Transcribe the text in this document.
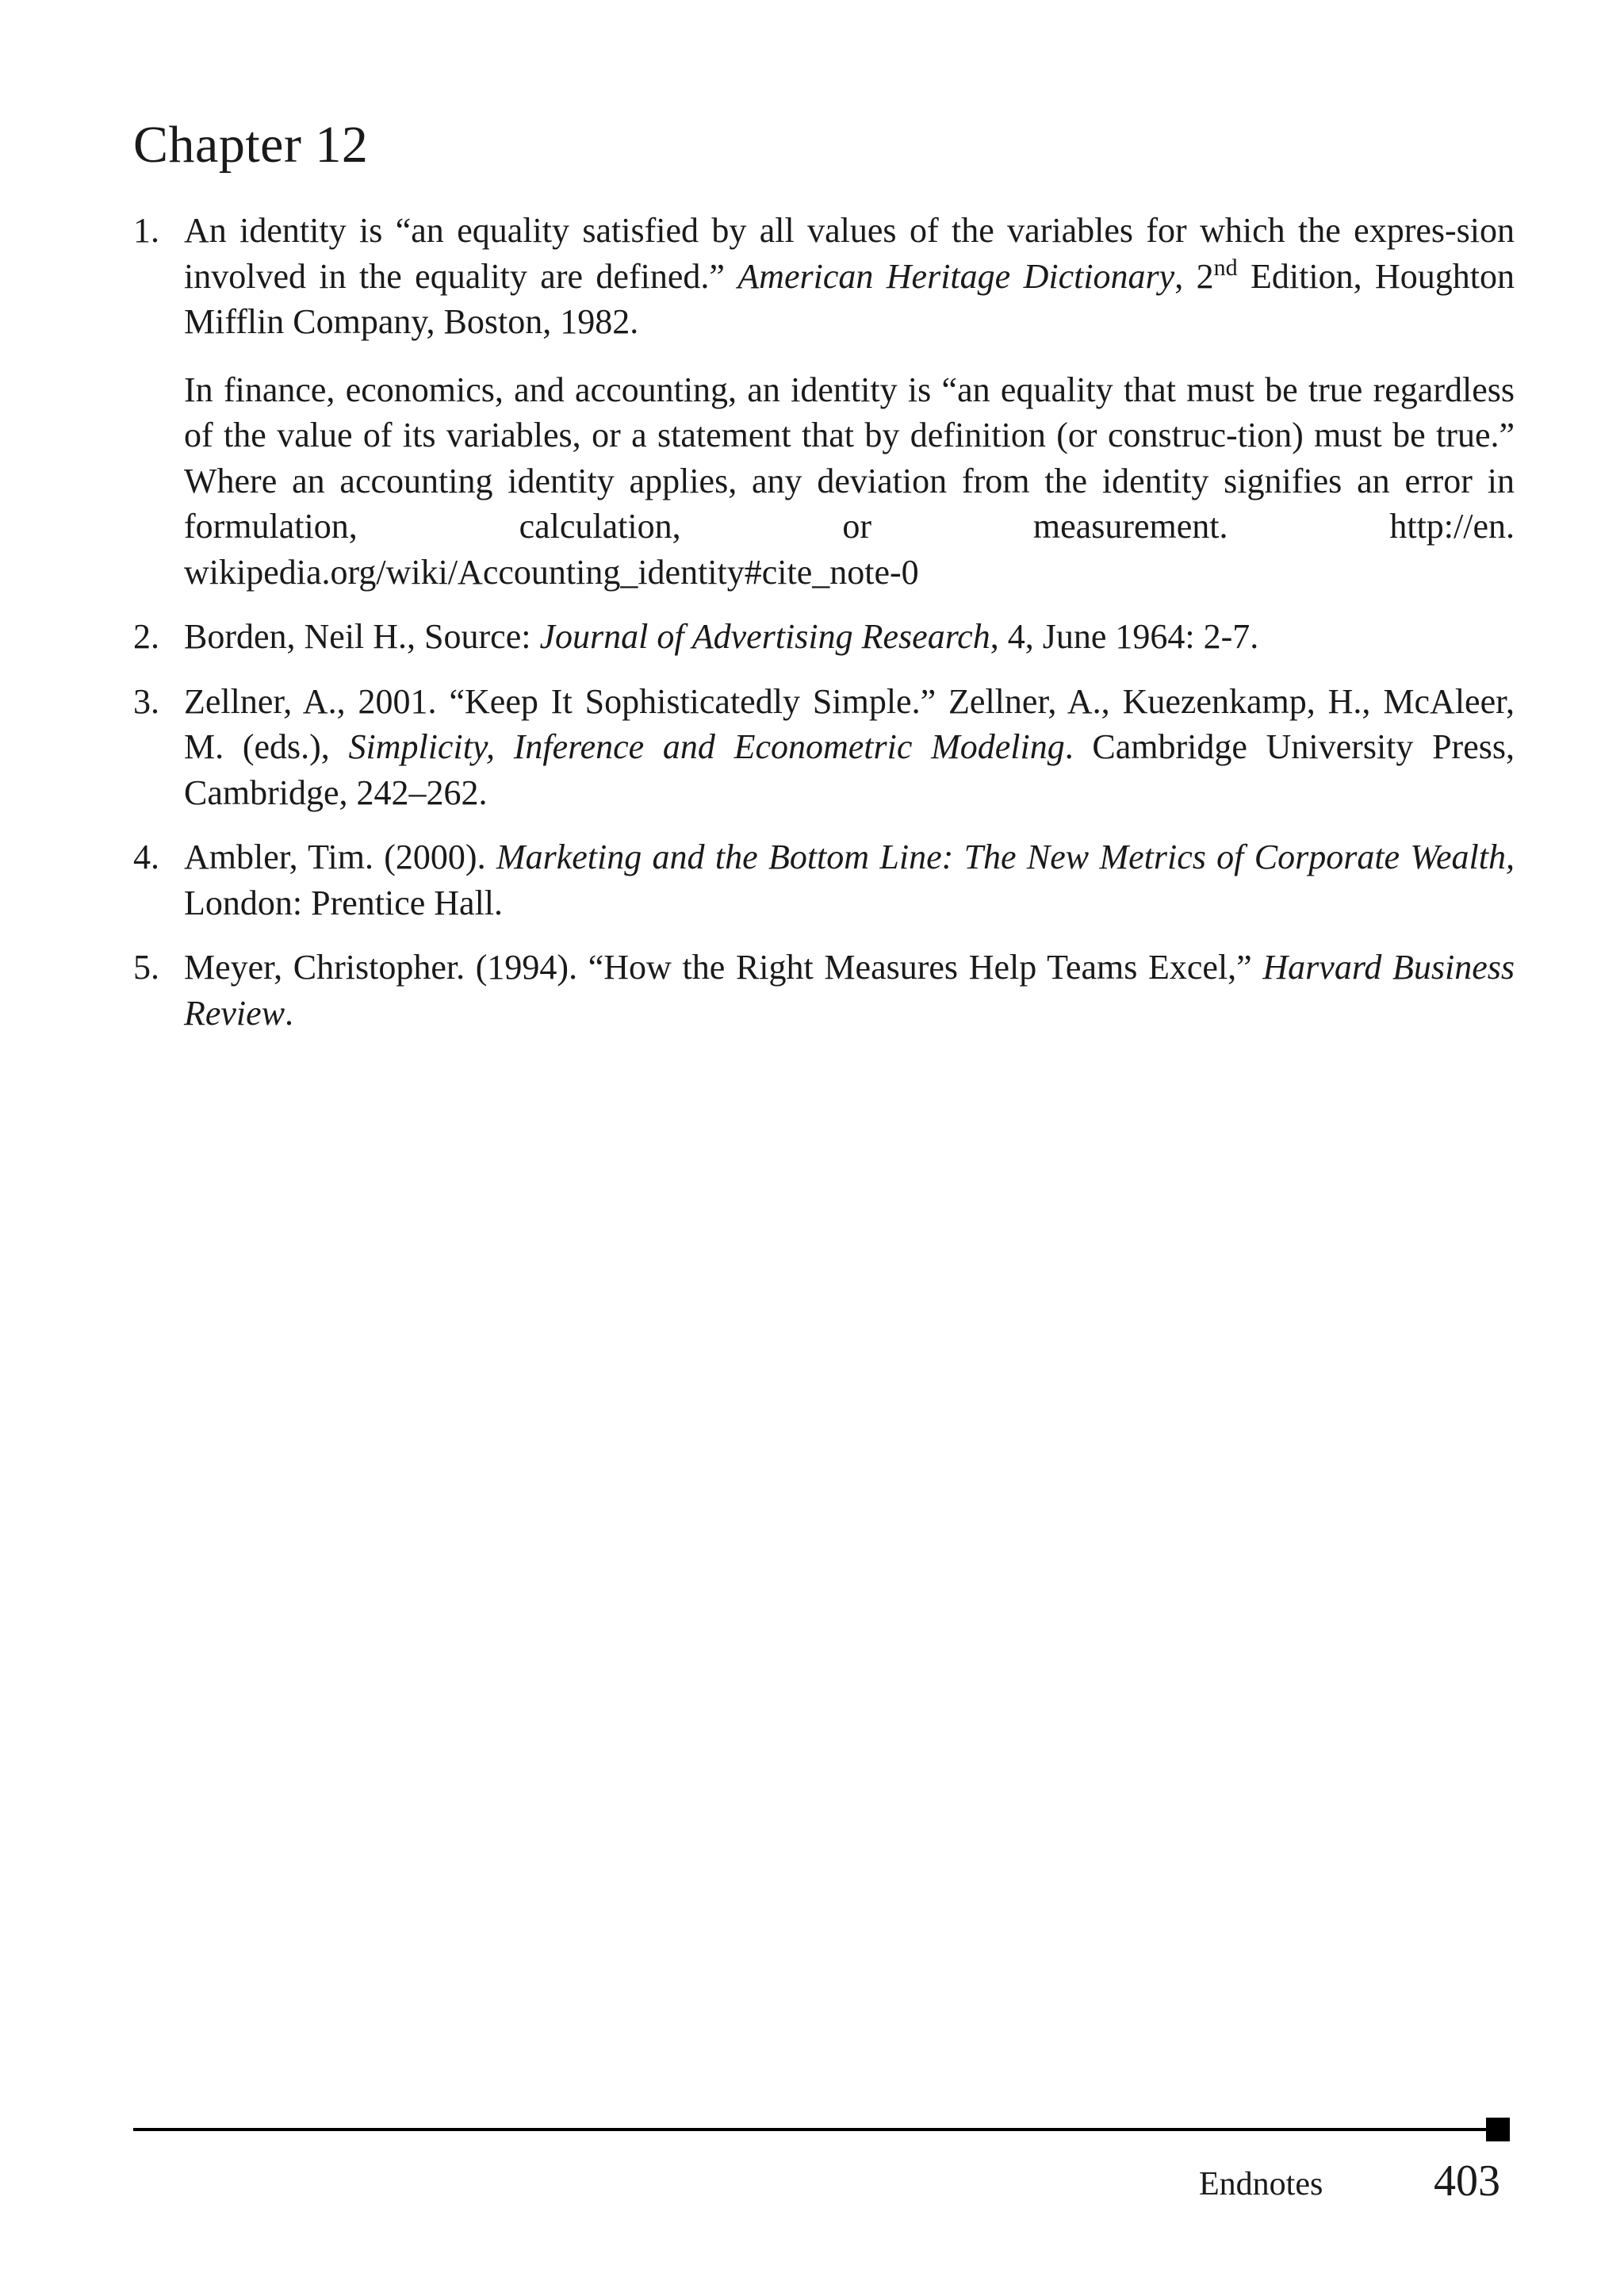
Chapter 12
1. An identity is “an equality satisfied by all values of the variables for which the expres-sion involved in the equality are defined.” American Heritage Dictionary, 2nd Edition, Houghton Mifflin Company, Boston, 1982.

In finance, economics, and accounting, an identity is “an equality that must be true regardless of the value of its variables, or a statement that by definition (or construc-tion) must be true.” Where an accounting identity applies, any deviation from the identity signifies an error in formulation, calculation, or measurement. http://en. wikipedia.org/wiki/Accounting_identity#cite_note-0

2. Borden, Neil H., Source: Journal of Advertising Research, 4, June 1964: 2-7.

3. Zellner, A., 2001. “Keep It Sophisticatedly Simple.” Zellner, A., Kuezenkamp, H., McAleer, M. (eds.), Simplicity, Inference and Econometric Modeling. Cambridge University Press, Cambridge, 242–262.

4. Ambler, Tim. (2000). Marketing and the Bottom Line: The New Metrics of Corporate Wealth, London: Prentice Hall.

5. Meyer, Christopher. (1994). “How the Right Measures Help Teams Excel,” Harvard Business Review.

Endnotes 403
